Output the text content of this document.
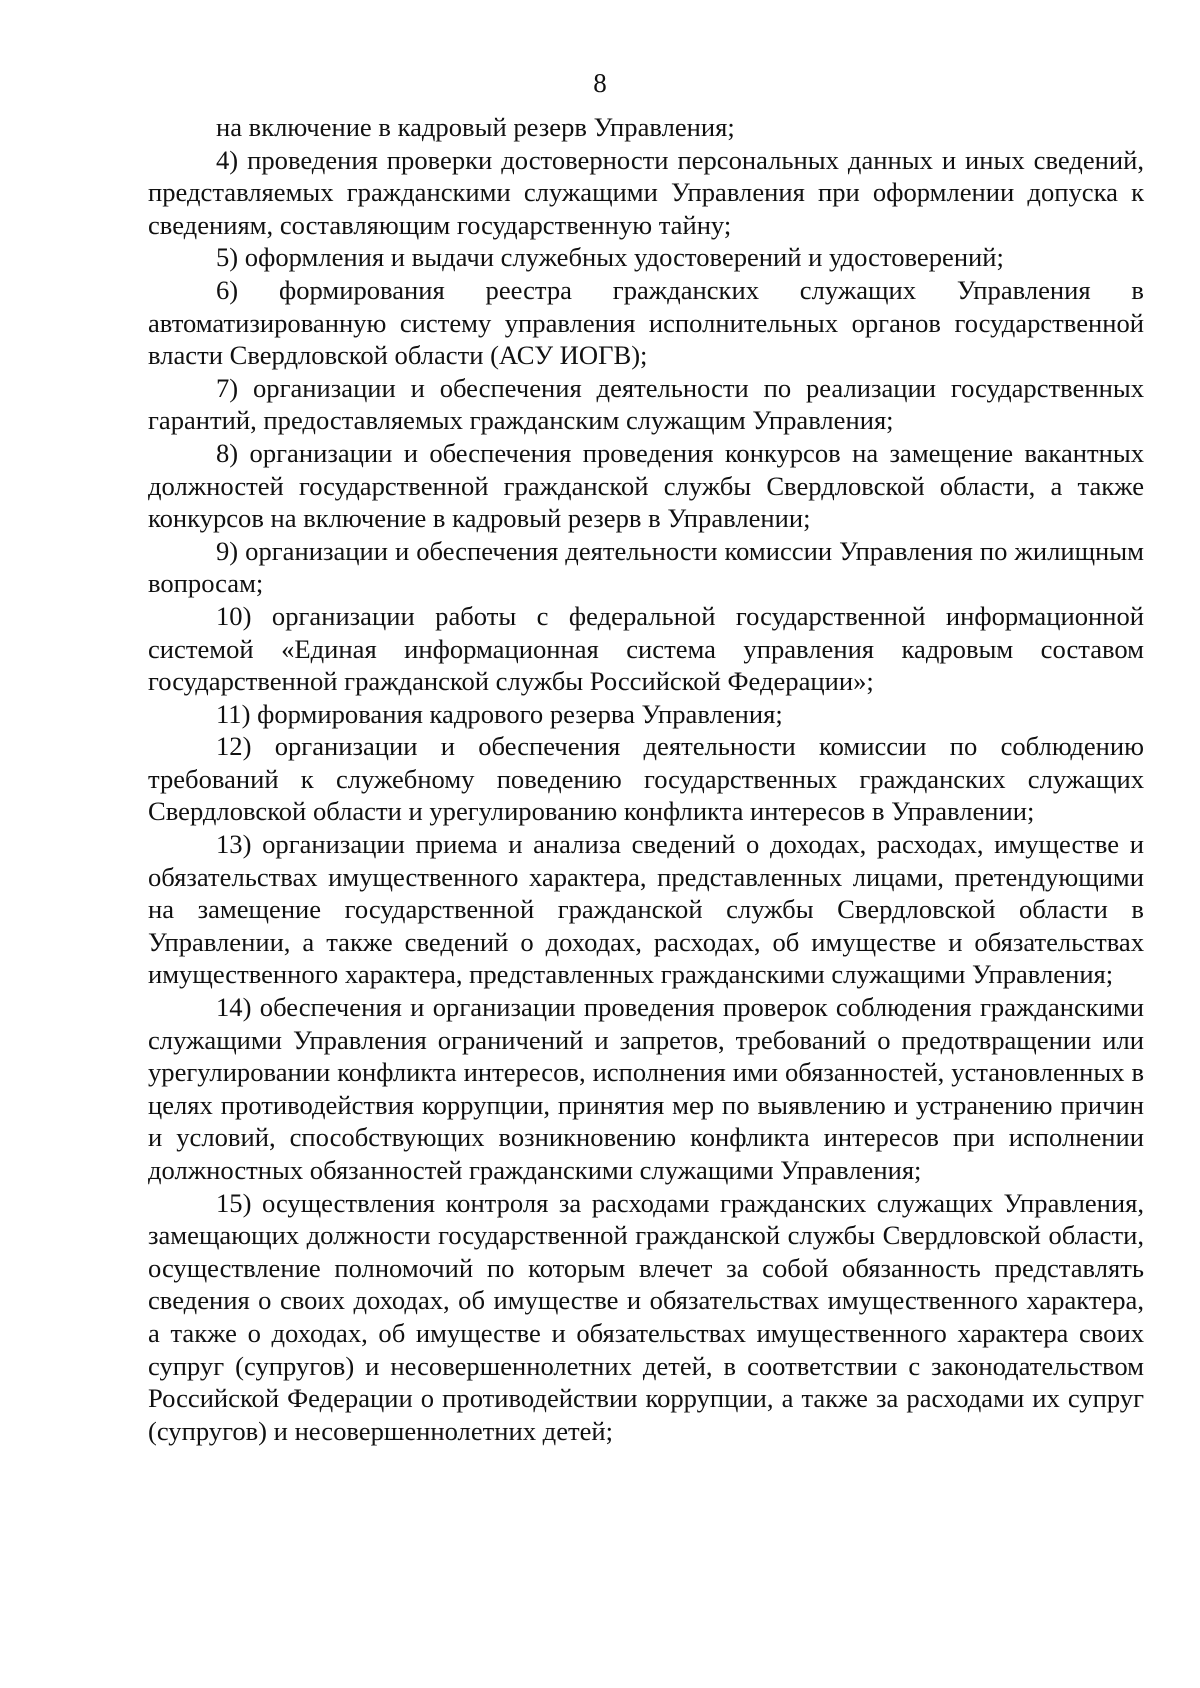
8

на включение в кадровый резерв Управления;

4) проведения проверки достоверности персональных данных и иных сведений, представляемых гражданскими служащими Управления при оформлении допуска к сведениям, составляющим государственную тайну;

5) оформления и выдачи служебных удостоверений и удостоверений;

6) формирования реестра гражданских служащих Управления в автоматизированную систему управления исполнительных органов государственной власти Свердловской области (АСУ ИОГВ);

7) организации и обеспечения деятельности по реализации государственных гарантий, предоставляемых гражданским служащим Управления;

8) организации и обеспечения проведения конкурсов на замещение вакантных должностей государственной гражданской службы Свердловской области, а также конкурсов на включение в кадровый резерв в Управлении;

9) организации и обеспечения деятельности комиссии Управления по жилищным вопросам;

10) организации работы с федеральной государственной информационной системой «Единая информационная система управления кадровым составом государственной гражданской службы Российской Федерации»;

11) формирования кадрового резерва Управления;

12) организации и обеспечения деятельности комиссии по соблюдению требований к служебному поведению государственных гражданских служащих Свердловской области и урегулированию конфликта интересов в Управлении;

13) организации приема и анализа сведений о доходах, расходах, имуществе и обязательствах имущественного характера, представленных лицами, претендующими на замещение государственной гражданской службы Свердловской области в Управлении, а также сведений о доходах, расходах, об имуществе и обязательствах имущественного характера, представленных гражданскими служащими Управления;

14) обеспечения и организации проведения проверок соблюдения гражданскими служащими Управления ограничений и запретов, требований о предотвращении или урегулировании конфликта интересов, исполнения ими обязанностей, установленных в целях противодействия коррупции, принятия мер по выявлению и устранению причин и условий, способствующих возникновению конфликта интересов при исполнении должностных обязанностей гражданскими служащими Управления;

15) осуществления контроля за расходами гражданских служащих Управления, замещающих должности государственной гражданской службы Свердловской области, осуществление полномочий по которым влечет за собой обязанность представлять сведения о своих доходах, об имуществе и обязательствах имущественного характера, а также о доходах, об имуществе и обязательствах имущественного характера своих супруг (супругов) и несовершеннолетних детей, в соответствии с законодательством Российской Федерации о противодействии коррупции, а также за расходами их супруг (супругов) и несовершеннолетних детей;
